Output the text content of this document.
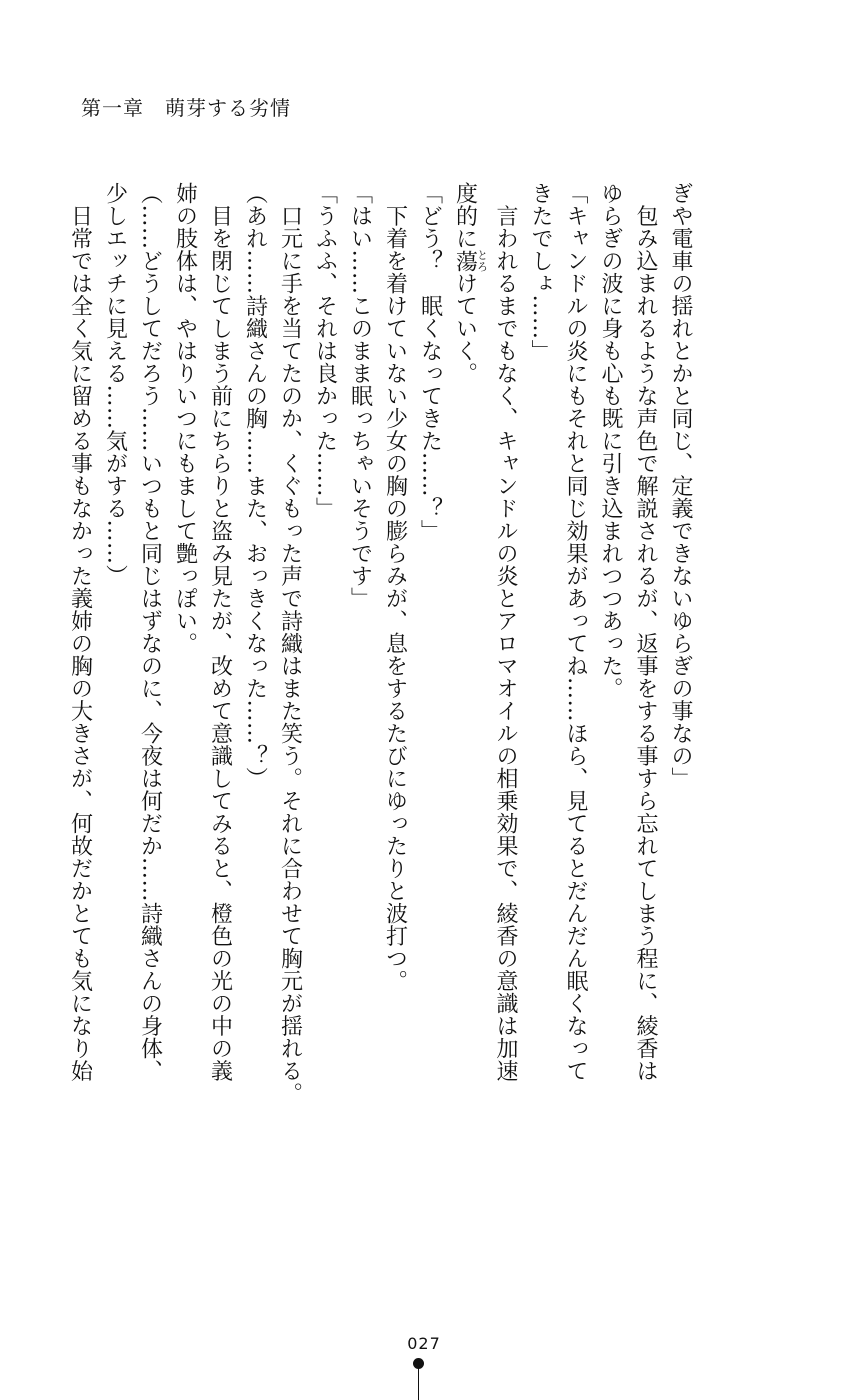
第一章　萌芽する劣情

ぎや電車の揺れとかと同じ、定義できないゆらぎの事なの」

　包み込まれるような声色で解説されるが、返事をする事すら忘れてしまう程に、綾香は

ゆらぎの波に身も心も既に引き込まれつつあった。

「キャンドルの炎にもそれと同じ効果があってね……ほら、見てるとだんだん眠くなって

きたでしょ……」

　言われるまでもなく、キャンドルの炎とアロマオイルの相乗効果で、綾香の意識は加速

度的に蕩とろけていく。

「どう？　眠くなってきた……？」

　下着を着けていない少女の胸の膨らみが、息をするたびにゆったりと波打つ。

「はい……このまま眠っちゃいそうです」

「うふふ、それは良かった……」

　口元に手を当てたのか、くぐもった声で詩織はまた笑う。それに合わせて胸元が揺れる。

（あれ……詩織さんの胸……また、おっきくなった……？）

　目を閉じてしまう前にちらりと盗み見たが、改めて意識してみると、橙色の光の中の義

姉の肢体は、やはりいつにもまして艶っぽい。

（……どうしてだろう……いつもと同じはずなのに、今夜は何だか……詩織さんの身体、

少しエッチに見える……気がする……）

　日常では全く気に留める事もなかった義姉の胸の大きさが、何故だかとても気になり始

027
